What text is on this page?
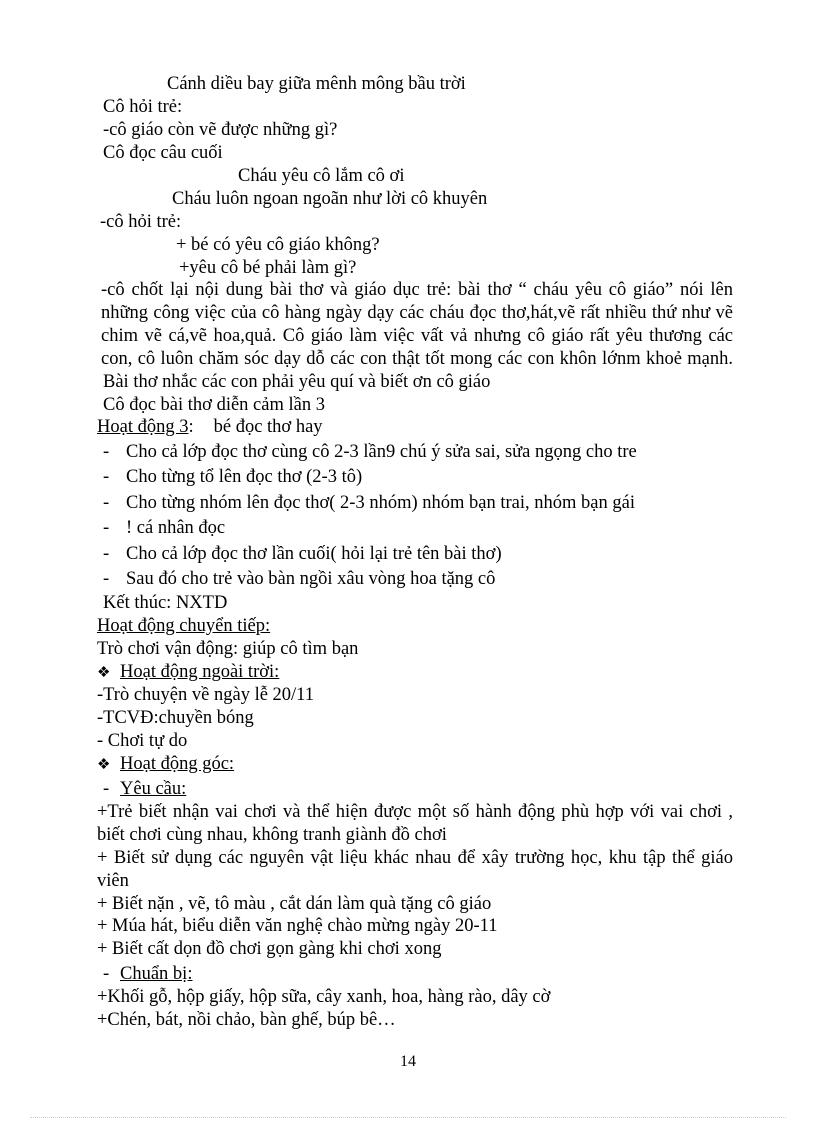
Cánh diều bay giữa mênh mông bầu trời
Cô hỏi trẻ:
-cô giáo còn vẽ được những gì?
Cô đọc câu cuối
Cháu yêu cô lắm cô ơi
Cháu luôn ngoan ngoãn như lời cô khuyên
-cô hỏi trẻ:
+ bé có yêu cô giáo không?
+yêu cô bé phải làm gì?
-cô chốt lại nội dung bài thơ và giáo dục trẻ: bài thơ “ cháu yêu cô giáo” nói lên
những công việc của cô hàng ngày dạy các cháu đọc thơ,hát,vẽ rất nhiều thứ như vẽ
chim vẽ cá,vẽ hoa,quả. Cô giáo làm việc vất vả nhưng cô giáo rất yêu thương các
con, cô luôn chăm sóc dạy dỗ các con thật tốt mong các con khôn lớnm khoẻ mạnh.
Bài thơ nhắc các con phải yêu quí và biết ơn cô giáo
Cô đọc bài thơ diễn cảm lần 3
Hoạt động 3: bé đọc thơ hay
- Cho cả lớp đọc thơ cùng cô 2-3 lần9 chú ý sửa sai, sửa ngọng cho tre
- Cho từng tổ lên đọc thơ (2-3 tô)
- Cho từng nhóm lên đọc thơ( 2-3 nhóm) nhóm bạn trai, nhóm bạn gái
- ! cá nhân đọc
- Cho cả lớp đọc thơ lần cuối( hỏi lại trẻ tên bài thơ)
- Sau đó cho trẻ vào bàn ngồi xâu vòng hoa tặng cô
Kết thúc: NXTD
Hoạt động chuyển tiếp:
Trò chơi vận động: giúp cô tìm bạn
❖ Hoạt động ngoài trời:
-Trò chuyện về ngày lễ 20/11
-TCVĐ:chuyền bóng
- Chơi tự do
❖ Hoạt động góc:
- Yêu cầu:
+Trẻ biết nhận vai chơi và thể hiện được một số hành động phù hợp với vai chơi ,
biết chơi cùng nhau, không tranh giành đồ chơi
+ Biết sử dụng các nguyên vật liệu khác nhau để xây trường học, khu tập thể giáo
viên
+ Biết nặn , vẽ, tô màu , cắt dán làm quà tặng cô giáo
+ Múa hát, biểu diễn văn nghệ chào mừng ngày 20-11
+ Biết cất dọn đồ chơi gọn gàng khi chơi xong
- Chuẩn bị:
+Khối gỗ, hộp giấy, hộp sữa, cây xanh, hoa, hàng rào, dây cờ
+Chén, bát, nồi chảo, bàn ghế, búp bê…
14
